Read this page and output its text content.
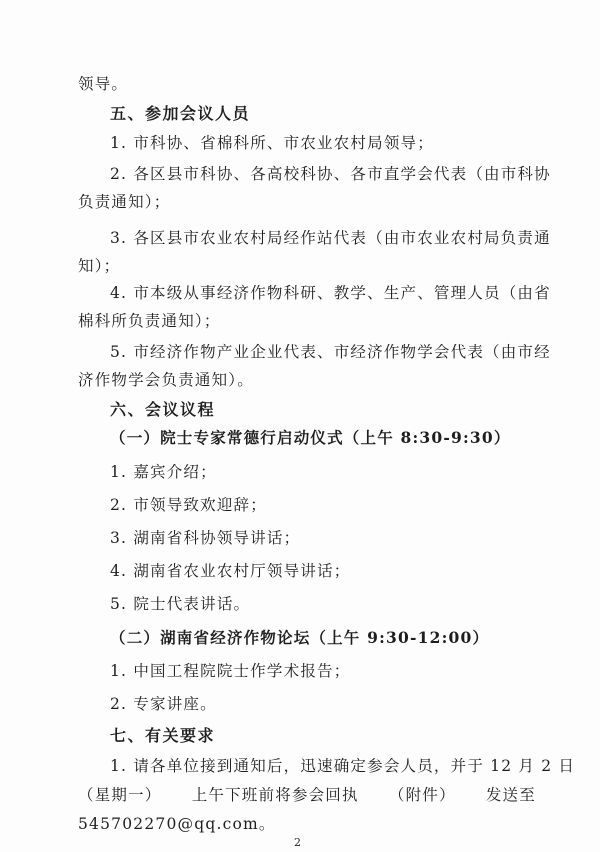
领导。
五、参加会议人员
1. 市科协、省棉科所、市农业农村局领导；
2. 各区县市科协、各高校科协、各市直学会代表（由市科协
负责通知）；
3. 各区县市农业农村局经作站代表（由市农业农村局负责通
知）；
4. 市本级从事经济作物科研、教学、生产、管理人员（由省
棉科所负责通知）；
5. 市经济作物产业企业代表、市经济作物学会代表（由市经
济作物学会负责通知）。
六、会议议程
（一）院士专家常德行启动仪式（上午 8:30-9:30）
1. 嘉宾介绍；
2. 市领导致欢迎辞；
3. 湖南省科协领导讲话；
4. 湖南省农业农村厅领导讲话；
5. 院士代表讲话。
（二）湖南省经济作物论坛（上午 9:30-12:00）
1. 中国工程院院士作学术报告；
2. 专家讲座。
七、有关要求
2
1. 请各单位接到通知后，迅速确定参会人员，并于 12 月 2 日
（星期一） 上午下班前将参会回执 （附件） 发送至
545702270@qq.com。
